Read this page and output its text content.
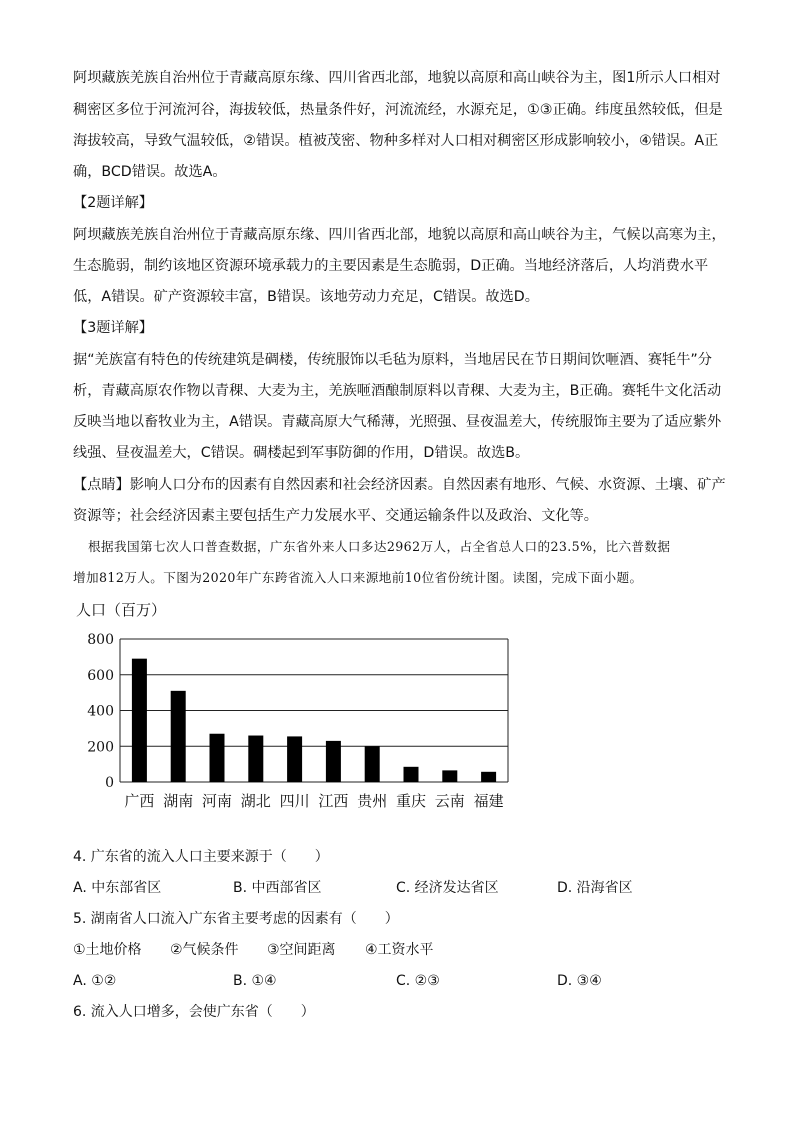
阿坝藏族羌族自治州位于青藏高原东缘、四川省西北部，地貌以高原和高山峡谷为主，图1所示人口相对
稠密区多位于河流河谷，海拔较低，热量条件好，河流流经，水源充足，①③正确。纬度虽然较低，但是
海拔较高，导致气温较低，②错误。植被茂密、物种多样对人口相对稠密区形成影响较小，④错误。A正
确，BCD错误。故选A。
【2题详解】
阿坝藏族羌族自治州位于青藏高原东缘、四川省西北部，地貌以高原和高山峡谷为主，气候以高寒为主，
生态脆弱，制约该地区资源环境承载力的主要因素是生态脆弱，D正确。当地经济落后，人均消费水平
低，A错误。矿产资源较丰富，B错误。该地劳动力充足，C错误。故选D。
【3题详解】
据“羌族富有特色的传统建筑是碉楼，传统服饰以毛毡为原料，当地居民在节日期间饮咂酒、赛牦牛”分
析，青藏高原农作物以青稞、大麦为主，羌族咂酒酿制原料以青稞、大麦为主，B正确。赛牦牛文化活动
反映当地以畜牧业为主，A错误。青藏高原大气稀薄，光照强、昼夜温差大，传统服饰主要为了适应紫外
线强、昼夜温差大，C错误。碉楼起到军事防御的作用，D错误。故选B。
【点睛】影响人口分布的因素有自然因素和社会经济因素。自然因素有地形、气候、水资源、土壤、矿产
资源等；社会经济因素主要包括生产力发展水平、交通运输条件以及政治、文化等。
根据我国第七次人口普查数据，广东省外来人口多达2962万人，占全省总人口的23.5%，比六普数据
增加812万人。下图为2020年广东跨省流入人口来源地前10位省份统计图。读图，完成下面小题。
人口（百万）
0
200
400
600
800
广西 湖南 河南 湖北 四川 江西 贵州 重庆 云南 福建
4. 广东省的流入人口主要来源于（　　）
A. 中东部省区	B. 中西部省区	C. 经济发达省区	D. 沿海省区
5. 湖南省人口流入广东省主要考虑的因素有（　　）
①土地价格 ②气候条件 ③空间距离 ④工资水平
A. ①②	B. ①④	C. ②③	D. ③④
6. 流入人口增多，会使广东省（　　）
